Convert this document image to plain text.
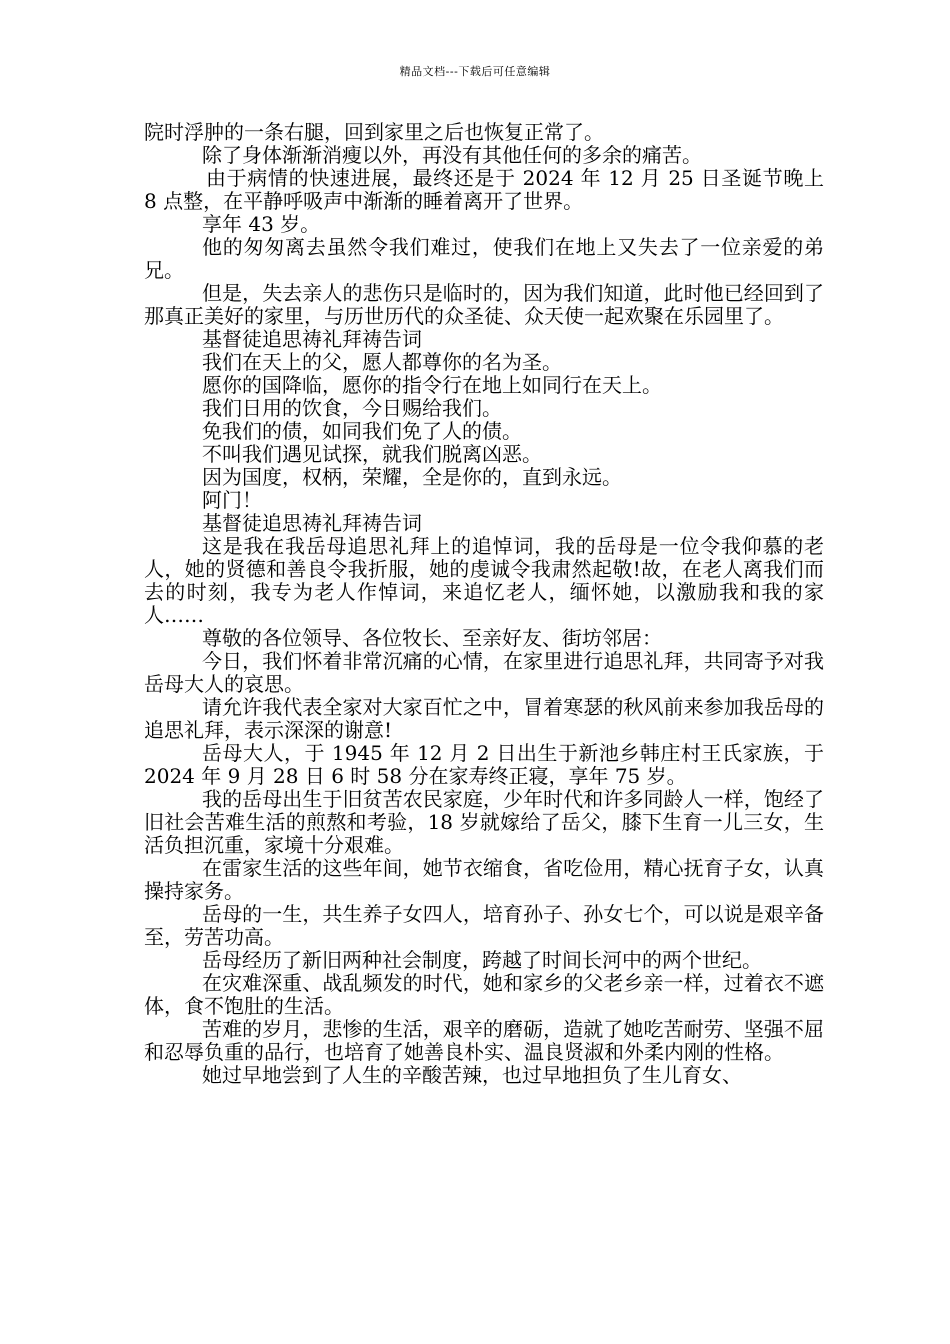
精品文档---下载后可任意编辑

院时浮肿的一条右腿，回到家里之后也恢复正常了。

除了身体渐渐消瘦以外，再没有其他任何的多余的痛苦。

由于病情的快速进展，最终还是于 2024 年 12 月 25 日圣诞节晚上 8 点整，在平静呼吸声中渐渐的睡着离开了世界。

享年 43 岁。

他的匆匆离去虽然令我们难过，使我们在地上又失去了一位亲爱的弟兄。

但是，失去亲人的悲伤只是临时的，因为我们知道，此时他已经回到了那真正美好的家里，与历世历代的众圣徒、众天使一起欢聚在乐园里了。

基督徒追思祷礼拜祷告词

我们在天上的父，愿人都尊你的名为圣。

愿你的国降临，愿你的指令行在地上如同行在天上。

我们日用的饮食，今日赐给我们。

免我们的债，如同我们免了人的债。

不叫我们遇见试探，就我们脱离凶恶。

因为国度，权柄，荣耀，全是你的，直到永远。

阿门！

基督徒追思祷礼拜祷告词

这是我在我岳母追思礼拜上的追悼词，我的岳母是一位令我仰慕的老人，她的贤德和善良令我折服，她的虔诚令我肃然起敬!故，在老人离我们而去的时刻，我专为老人作悼词，来追忆老人，缅怀她，以激励我和我的家人……

尊敬的各位领导、各位牧长、至亲好友、街坊邻居：

今日，我们怀着非常沉痛的心情，在家里进行追思礼拜，共同寄予对我岳母大人的哀思。

请允许我代表全家对大家百忙之中，冒着寒瑟的秋风前来参加我岳母的追思礼拜，表示深深的谢意!

岳母大人，于 1945 年 12 月 2 日出生于新池乡韩庄村王氏家族，于 2024 年 9 月 28 日 6 时 58 分在家寿终正寝，享年 75 岁。

我的岳母出生于旧贫苦农民家庭，少年时代和许多同龄人一样，饱经了旧社会苦难生活的煎熬和考验，18 岁就嫁给了岳父，膝下生育一儿三女，生活负担沉重，家境十分艰难。

在雷家生活的这些年间，她节衣缩食，省吃俭用，精心抚育子女，认真操持家务。

岳母的一生，共生养子女四人，培育孙子、孙女七个，可以说是艰辛备至，劳苦功高。

岳母经历了新旧两种社会制度，跨越了时间长河中的两个世纪。

在灾难深重、战乱频发的时代，她和家乡的父老乡亲一样，过着衣不遮体，食不饱肚的生活。

苦难的岁月，悲惨的生活，艰辛的磨砺，造就了她吃苦耐劳、坚强不屈和忍辱负重的品行，也培育了她善良朴实、温良贤淑和外柔内刚的性格。

她过早地尝到了人生的辛酸苦辣，也过早地担负了生儿育女、
